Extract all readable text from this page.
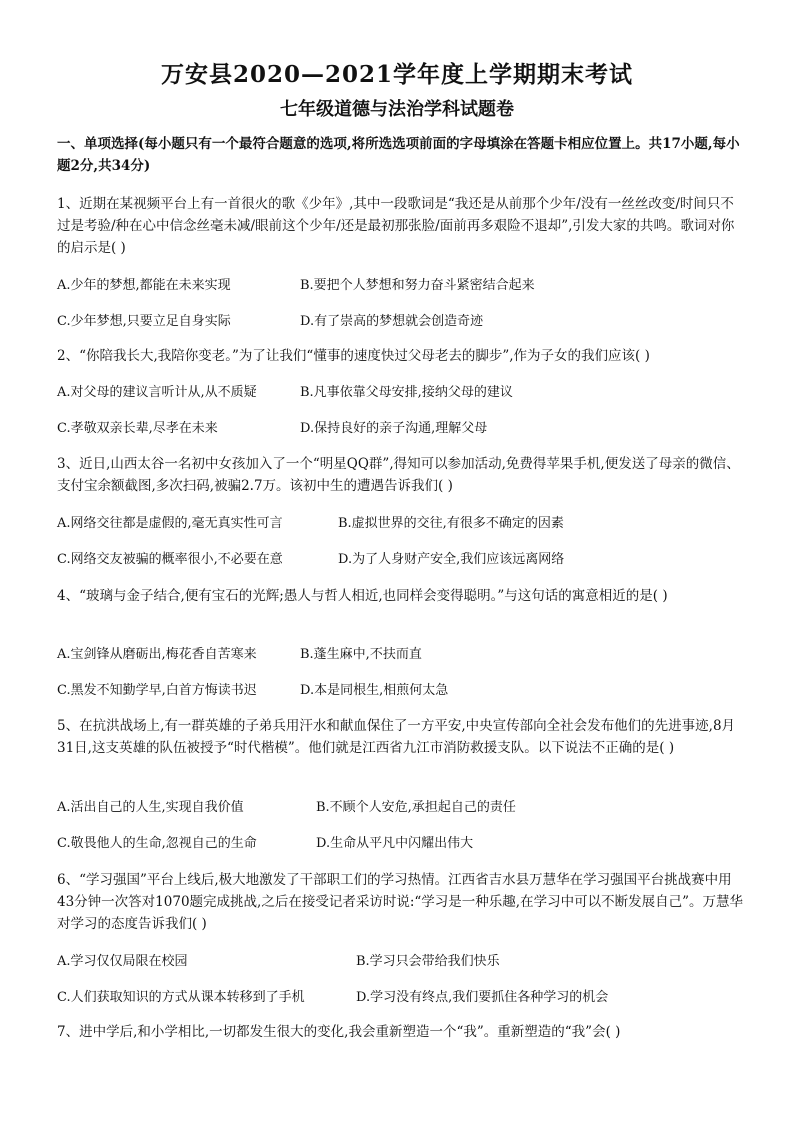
万安县2020—2021学年度上学期期末考试
七年级道德与法治学科试题卷
一、单项选择(每小题只有一个最符合题意的选项,将所选选项前面的字母填涂在答题卡相应位置上。共17小题,每小题2分,共34分)
1、近期在某视频平台上有一首很火的歌《少年》,其中一段歌词是“我还是从前那个少年/没有一丝丝改变/时间只不过是考验/种在心中信念丝毫未减/眼前这个少年/还是最初那张脸/面前再多艰险不退却”,引发大家的共鸣。歌词对你的启示是( )
A.少年的梦想,都能在未来实现	B.要把个人梦想和努力奋斗紧密结合起来
C.少年梦想,只要立足自身实际	D.有了崇高的梦想就会创造奇迹
2、“你陪我长大,我陪你变老。”为了让我们“懂事的速度快过父母老去的脚步”,作为子女的我们应该( )
A.对父母的建议言听计从,从不质疑	B.凡事依靠父母安排,接纳父母的建议
C.孝敬双亲长辈,尽孝在未来	D.保持良好的亲子沟通,理解父母
3、近日,山西太谷一名初中女孩加入了一个“明星QQ群”,得知可以参加活动,免费得苹果手机,便发送了母亲的微信、支付宝余额截图,多次扫码,被骗2.7万。该初中生的遭遇告诉我们( )
A.网络交往都是虚假的,毫无真实性可言	B.虚拟世界的交往,有很多不确定的因素
C.网络交友被骗的概率很小,不必要在意	D.为了人身财产安全,我们应该远离网络
4、“玻璃与金子结合,便有宝石的光辉;愚人与哲人相近,也同样会变得聪明。”与这句话的寓意相近的是( )
A.宝剑锋从磨砺出,梅花香自苦寒来	B.蓬生麻中,不扶而直
C.黑发不知勤学早,白首方悔读书迟	D.本是同根生,相煎何太急
5、在抗洪战场上,有一群英雄的子弟兵用汗水和献血保住了一方平安,中央宣传部向全社会发布他们的先进事迹,8月31日,这支英雄的队伍被授予“时代楷模”。他们就是江西省九江市消防救援支队。以下说法不正确的是( )
A.活出自己的人生,实现自我价值	B.不顾个人安危,承担起自己的责任
C.敬畏他人的生命,忽视自己的生命	D.生命从平凡中闪耀出伟大
6、“学习强国”平台上线后,极大地激发了干部职工们的学习热情。江西省吉水县万慧华在学习强国平台挑战赛中用43分钟一次答对1070题完成挑战,之后在接受记者采访时说:“学习是一种乐趣,在学习中可以不断发展自己”。万慧华对学习的态度告诉我们( )
A.学习仅仅局限在校园	B.学习只会带给我们快乐
C.人们获取知识的方式从课本转移到了手机	D.学习没有终点,我们要抓住各种学习的机会
7、进中学后,和小学相比,一切都发生很大的变化,我会重新塑造一个“我”。重新塑造的“我”会( )
